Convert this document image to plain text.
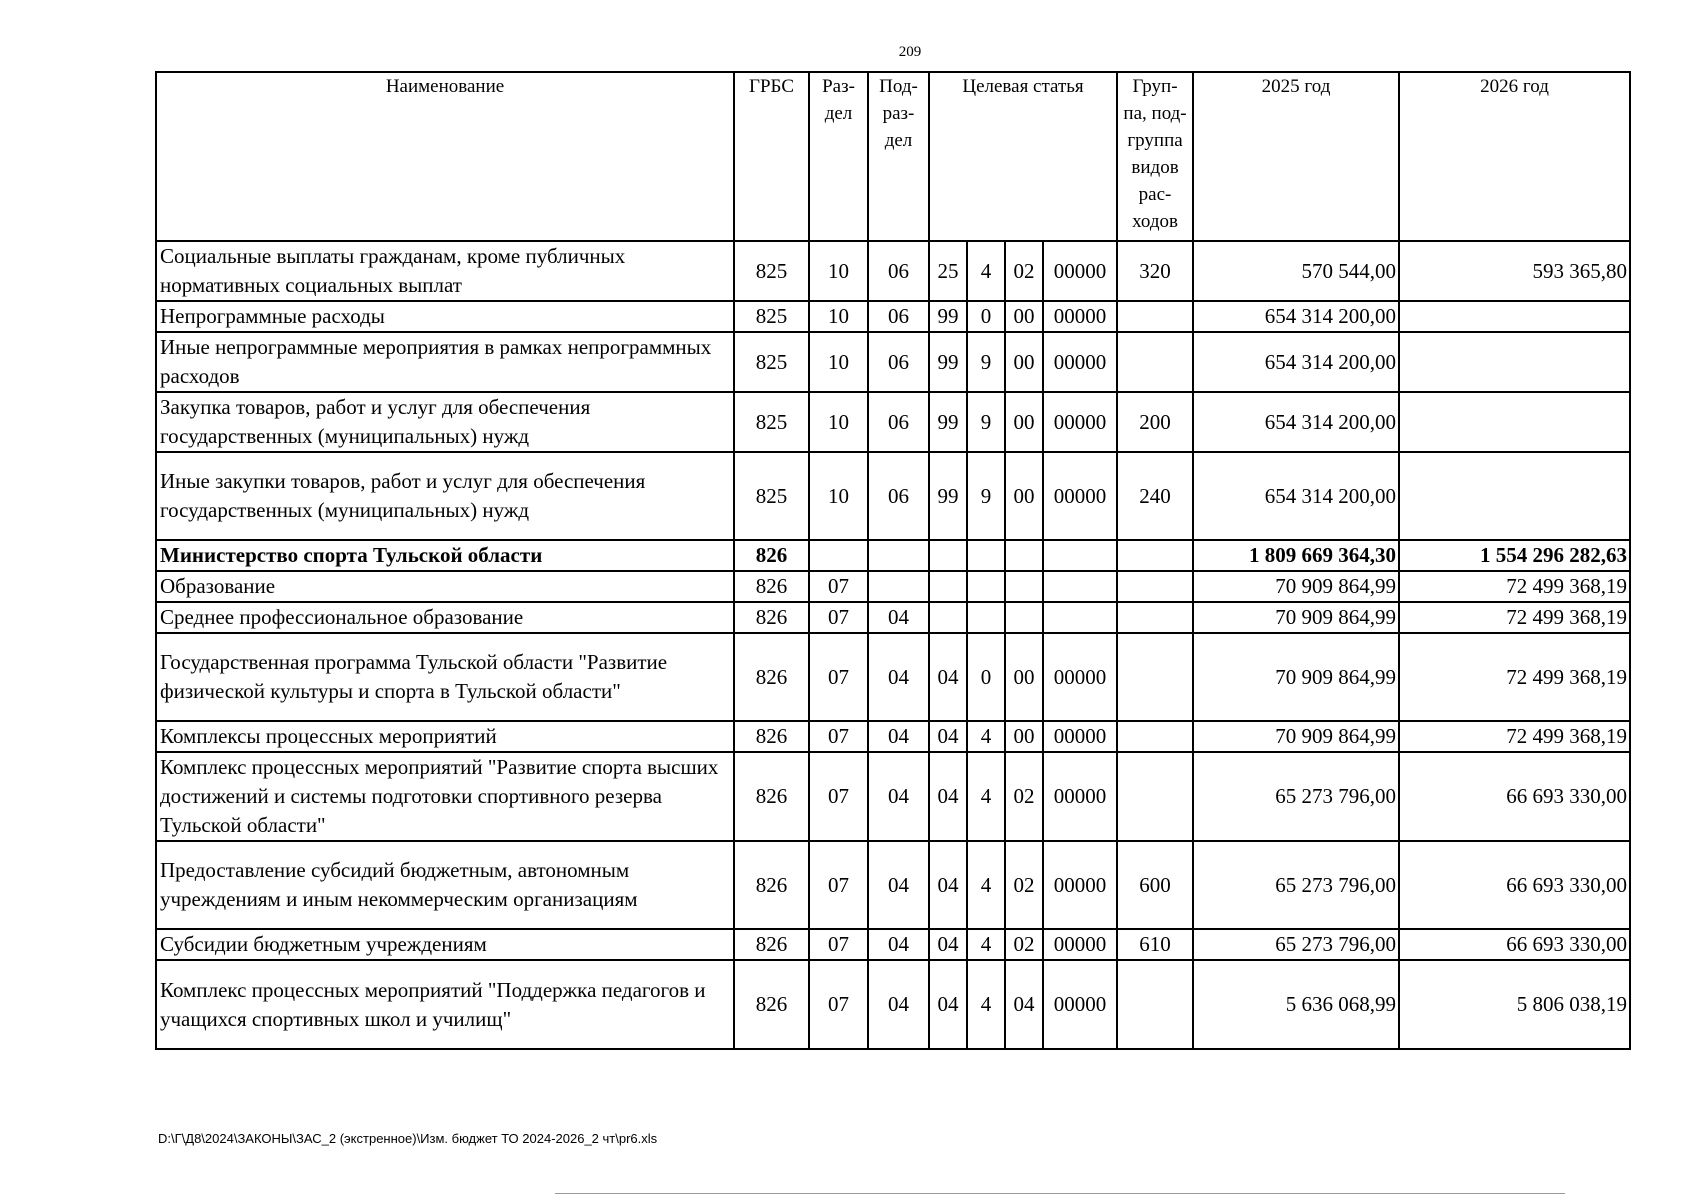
209
Наименование	ГРБС	Раз-дел	Под-раз-дел	Целевая статья				Груп-па, под-группа видов рас-ходов	2025 год	2026 год
Социальные выплаты гражданам, кроме публичных нормативных социальных выплат	825	10	06	25	4	02	00000	320	570 544,00	593 365,80
Непрограммные расходы	825	10	06	99	0	00	00000		654 314 200,00	
Иные непрограммные мероприятия в рамках непрограммных расходов	825	10	06	99	9	00	00000		654 314 200,00	
Закупка товаров, работ и услуг для обеспечения государственных (муниципальных) нужд	825	10	06	99	9	00	00000	200	654 314 200,00	
Иные закупки товаров, работ и услуг для обеспечения государственных (муниципальных) нужд	825	10	06	99	9	00	00000	240	654 314 200,00	
Министерство спорта Тульской области	826								1 809 669 364,30	1 554 296 282,63
Образование	826	07							70 909 864,99	72 499 368,19
Среднее профессиональное образование	826	07	04						70 909 864,99	72 499 368,19
Государственная программа Тульской области "Развитие физической культуры и спорта в Тульской области"	826	07	04	04	0	00	00000		70 909 864,99	72 499 368,19
Комплексы процессных мероприятий	826	07	04	04	4	00	00000		70 909 864,99	72 499 368,19
Комплекс процессных мероприятий "Развитие спорта высших достижений и системы подготовки спортивного резерва Тульской области"	826	07	04	04	4	02	00000		65 273 796,00	66 693 330,00
Предоставление субсидий бюджетным, автономным учреждениям и иным некоммерческим организациям	826	07	04	04	4	02	00000	600	65 273 796,00	66 693 330,00
Субсидии бюджетным учреждениям	826	07	04	04	4	02	00000	610	65 273 796,00	66 693 330,00
Комплекс процессных мероприятий "Поддержка педагогов и учащихся спортивных школ и училищ"	826	07	04	04	4	04	00000		5 636 068,99	5 806 038,19
D:\Г\Д8\2024\ЗАКОНЫ\ЗАС_2 (экстренное)\Изм. бюджет ТО 2024-2026_2 чт\pr6.xls
